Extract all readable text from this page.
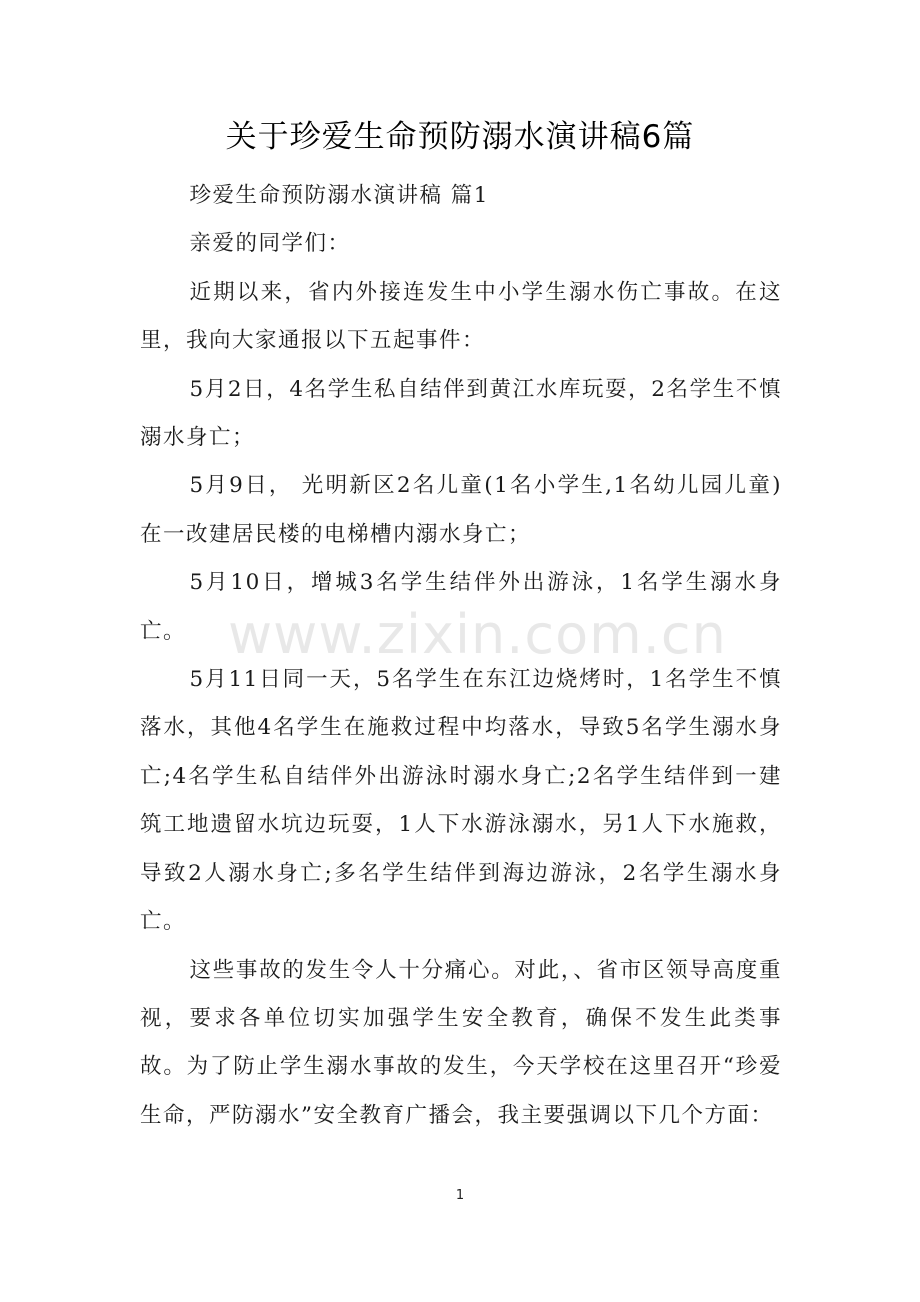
关于珍爱生命预防溺水演讲稿6篇

珍爱生命预防溺水演讲稿 篇1

亲爱的同学们：

近期以来，省内外接连发生中小学生溺水伤亡事故。在这里，我向大家通报以下五起事件：

5月2日，4名学生私自结伴到黄江水库玩耍，2名学生不慎溺水身亡；

5月9日， 光明新区2名儿童(1名小学生,1名幼儿园儿童)在一改建居民楼的电梯槽内溺水身亡；

5月10日，增城3名学生结伴外出游泳，1名学生溺水身亡。

5月11日同一天，5名学生在东江边烧烤时，1名学生不慎落水，其他4名学生在施救过程中均落水，导致5名学生溺水身亡;4名学生私自结伴外出游泳时溺水身亡;2名学生结伴到一建筑工地遗留水坑边玩耍，1人下水游泳溺水，另1人下水施救，导致2人溺水身亡;多名学生结伴到海边游泳，2名学生溺水身亡。

这些事故的发生令人十分痛心。对此，、省市区领导高度重视，要求各单位切实加强学生安全教育，确保不发生此类事故。为了防止学生溺水事故的发生，今天学校在这里召开“珍爱生命，严防溺水”安全教育广播会，我主要强调以下几个方面：

www.zixin.com.cn
1
